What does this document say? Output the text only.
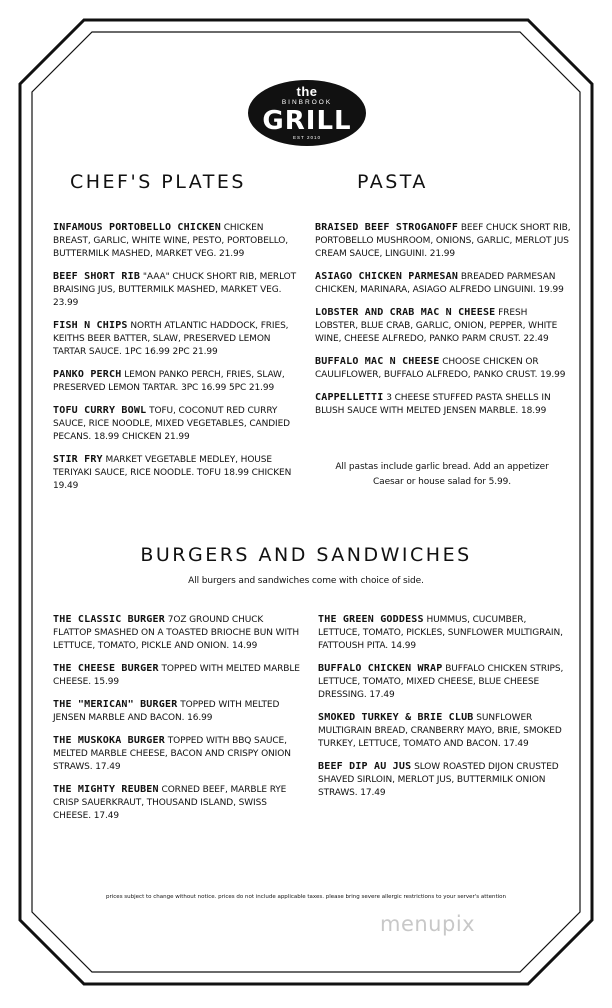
the
BINBROOK
GRILL
EST 2010
CHEF'S PLATES	PASTA
INFAMOUS PORTOBELLO CHICKEN CHICKEN BREAST, GARLIC, WHITE WINE, PESTO, PORTOBELLO, BUTTERMILK MASHED, MARKET VEG. 21.99
BEEF SHORT RIB "AAA" CHUCK SHORT RIB, MERLOT BRAISING JUS, BUTTERMILK MASHED, MARKET VEG. 23.99
FISH N CHIPS NORTH ATLANTIC HADDOCK, FRIES, KEITHS BEER BATTER, SLAW, PRESERVED LEMON TARTAR SAUCE. 1PC 16.99 2PC 21.99
PANKO PERCH LEMON PANKO PERCH, FRIES, SLAW, PRESERVED LEMON TARTAR. 3PC 16.99 5PC 21.99
TOFU CURRY BOWL TOFU, COCONUT RED CURRY SAUCE, RICE NOODLE, MIXED VEGETABLES, CANDIED PECANS. 18.99 CHICKEN 21.99
STIR FRY MARKET VEGETABLE MEDLEY, HOUSE TERIYAKI SAUCE, RICE NOODLE. TOFU 18.99 CHICKEN 19.49
BRAISED BEEF STROGANOFF BEEF CHUCK SHORT RIB, PORTOBELLO MUSHROOM, ONIONS, GARLIC, MERLOT JUS CREAM SAUCE, LINGUINI. 21.99
ASIAGO CHICKEN PARMESAN BREADED PARMESAN CHICKEN, MARINARA, ASIAGO ALFREDO LINGUINI. 19.99
LOBSTER AND CRAB MAC N CHEESE FRESH LOBSTER, BLUE CRAB, GARLIC, ONION, PEPPER, WHITE WINE, CHEESE ALFREDO, PANKO PARM CRUST. 22.49
BUFFALO MAC N CHEESE CHOOSE CHICKEN OR CAULIFLOWER, BUFFALO ALFREDO, PANKO CRUST. 19.99
CAPPELLETTI 3 CHEESE STUFFED PASTA SHELLS IN BLUSH SAUCE WITH MELTED JENSEN MARBLE. 18.99
All pastas include garlic bread. Add an appetizer
Caesar or house salad for 5.99.
BURGERS AND SANDWICHES
All burgers and sandwiches come with choice of side.
THE CLASSIC BURGER 7OZ GROUND CHUCK FLATTOP SMASHED ON A TOASTED BRIOCHE BUN WITH LETTUCE, TOMATO, PICKLE AND ONION. 14.99
THE CHEESE BURGER TOPPED WITH MELTED MARBLE CHEESE. 15.99
THE "MERICAN" BURGER TOPPED WITH MELTED JENSEN MARBLE AND BACON. 16.99
THE MUSKOKA BURGER TOPPED WITH BBQ SAUCE, MELTED MARBLE CHEESE, BACON AND CRISPY ONION STRAWS. 17.49
THE MIGHTY REUBEN CORNED BEEF, MARBLE RYE CRISP SAUERKRAUT, THOUSAND ISLAND, SWISS CHEESE. 17.49
THE GREEN GODDESS HUMMUS, CUCUMBER, LETTUCE, TOMATO, PICKLES, SUNFLOWER MULTIGRAIN, FATTOUSH PITA. 14.99
BUFFALO CHICKEN WRAP BUFFALO CHICKEN STRIPS, LETTUCE, TOMATO, MIXED CHEESE, BLUE CHEESE DRESSING. 17.49
SMOKED TURKEY & BRIE CLUB SUNFLOWER MULTIGRAIN BREAD, CRANBERRY MAYO, BRIE, SMOKED TURKEY, LETTUCE, TOMATO AND BACON. 17.49
BEEF DIP AU JUS SLOW ROASTED DIJON CRUSTED SHAVED SIRLOIN, MERLOT JUS, BUTTERMILK ONION STRAWS. 17.49
prices subject to change without notice. prices do not include applicable taxes. please bring severe allergic restrictions to your server's attention
menupix
